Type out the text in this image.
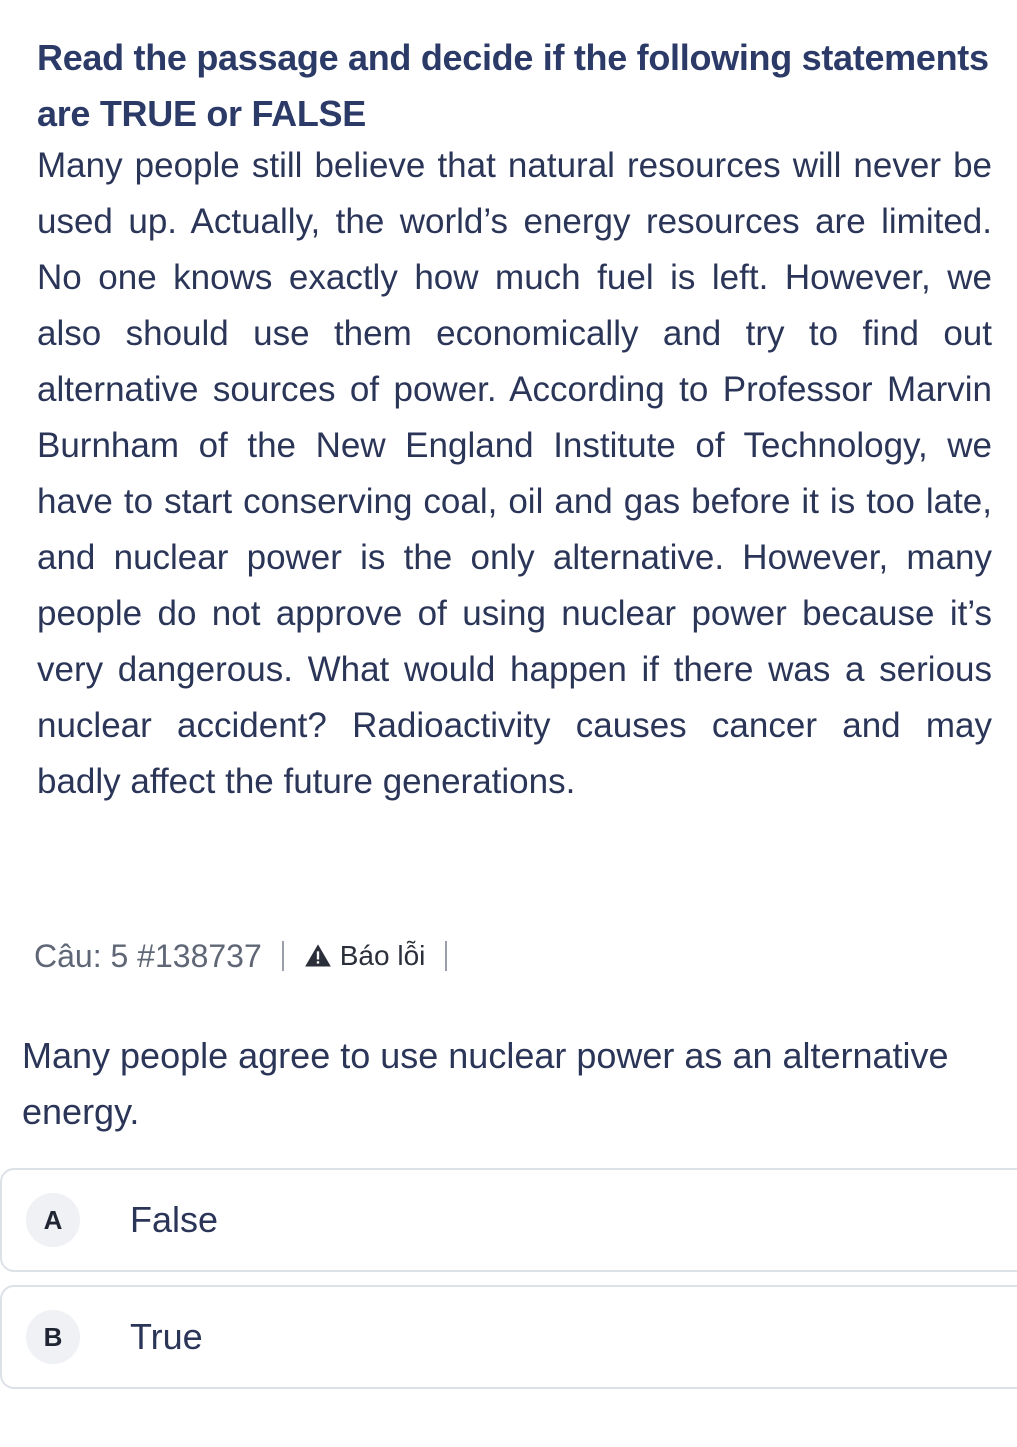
Read the passage and decide if the following statements are TRUE or FALSE
Many people still believe that natural resources will never be used up. Actually, the world’s energy resources are limited. No one knows exactly how much fuel is left. However, we also should use them economically and try to find out alternative sources of power. According to Professor Marvin Burnham of the New England Institute of Technology, we have to start conserving coal, oil and gas before it is too late, and nuclear power is the only alternative. However, many people do not approve of using nuclear power because it’s very dangerous. What would happen if there was a serious nuclear accident? Radioactivity causes cancer and may badly affect the future generations.
Câu: 5 #138737	Báo lỗi
Many people agree to use nuclear power as an alternative energy.
A	False
B	True
